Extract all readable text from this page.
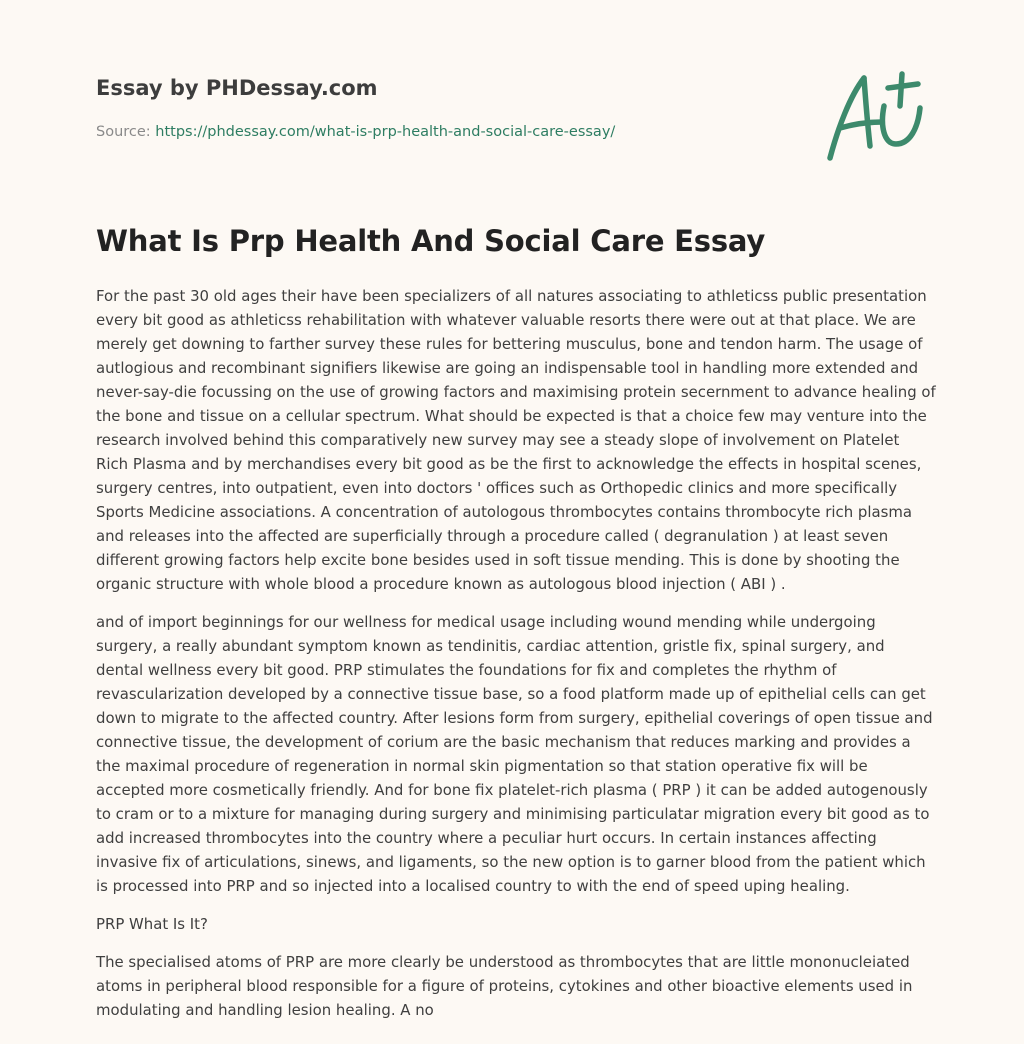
Essay by PHDessay.com

Source: https://phdessay.com/what-is-prp-health-and-social-care-essay/

What Is Prp Health And Social Care Essay

For the past 30 old ages their have been specializers of all natures associating to athleticss public presentation every bit good as athleticss rehabilitation with whatever valuable resorts there were out at that place. We are merely get downing to farther survey these rules for bettering musculus, bone and tendon harm. The usage of autlogious and recombinant signifiers likewise are going an indispensable tool in handling more extended and never-say-die focussing on the use of growing factors and maximising protein secernment to advance healing of the bone and tissue on a cellular spectrum. What should be expected is that a choice few may venture into the research involved behind this comparatively new survey may see a steady slope of involvement on Platelet Rich Plasma and by merchandises every bit good as be the first to acknowledge the effects in hospital scenes, surgery centres, into outpatient, even into doctors ' offices such as Orthopedic clinics and more specifically Sports Medicine associations. A concentration of autologous thrombocytes contains thrombocyte rich plasma and releases into the affected are superficially through a procedure called ( degranulation ) at least seven different growing factors help excite bone besides used in soft tissue mending. This is done by shooting the organic structure with whole blood a procedure known as autologous blood injection ( ABI ) .

and of import beginnings for our wellness for medical usage including wound mending while undergoing surgery, a really abundant symptom known as tendinitis, cardiac attention, gristle fix, spinal surgery, and dental wellness every bit good. PRP stimulates the foundations for fix and completes the rhythm of revascularization developed by a connective tissue base, so a food platform made up of epithelial cells can get down to migrate to the affected country. After lesions form from surgery, epithelial coverings of open tissue and connective tissue, the development of corium are the basic mechanism that reduces marking and provides a the maximal procedure of regeneration in normal skin pigmentation so that station operative fix will be accepted more cosmetically friendly. And for bone fix platelet-rich plasma ( PRP ) it can be added autogenously to cram or to a mixture for managing during surgery and minimising particulatar migration every bit good as to add increased thrombocytes into the country where a peculiar hurt occurs. In certain instances affecting invasive fix of articulations, sinews, and ligaments, so the new option is to garner blood from the patient which is processed into PRP and so injected into a localised country to with the end of speed uping healing.

PRP What Is It?

The specialised atoms of PRP are more clearly be understood as thrombocytes that are little mononucleiated atoms in peripheral blood responsible for a figure of proteins, cytokines and other bioactive elements used in modulating and handling lesion healing. A no
